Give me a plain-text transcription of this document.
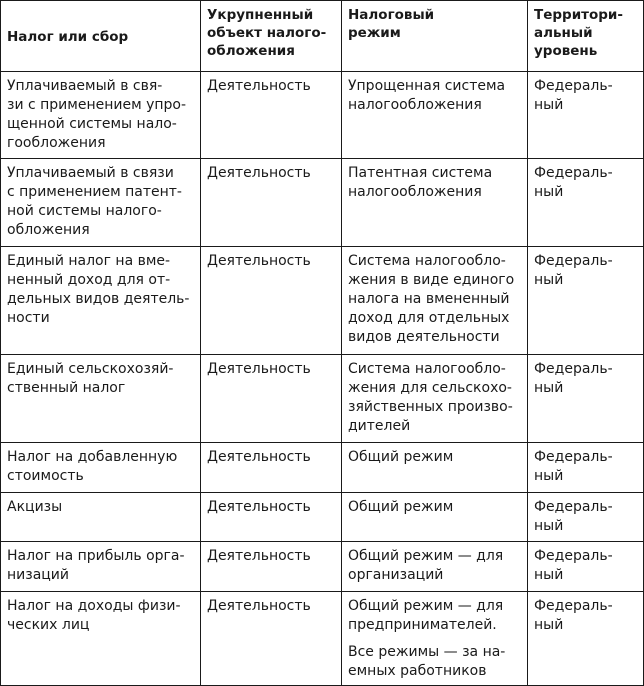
Налог или сбор	Укрупненный
объект налого-
обложения	Налоговый
режим	Территори-
альный
уровень

Уплачиваемый в свя-
зи с применением упро-
щенной системы нало-
гообложения	Деятельность	Упрощенная система
налогообложения	Федераль-
ный

Уплачиваемый в связи
с применением патент-
ной системы налого-
обложения	Деятельность	Патентная система
налогообложения	Федераль-
ный

Единый налог на вме-
ненный доход для от-
дельных видов деятель-
ности	Деятельность	Система налогообло-
жения в виде единого
налога на вмененный
доход для отдельных
видов деятельности	Федераль-
ный

Единый сельскохозяй-
ственный налог	Деятельность	Система налогообло-
жения для сельскохо-
зяйственных произво-
дителей	Федераль-
ный

Налог на добавленную
стоимость	Деятельность	Общий режим	Федераль-
ный

Акцизы	Деятельность	Общий режим	Федераль-
ный

Налог на прибыль орга-
низаций	Деятельность	Общий режим — для
организаций	Федераль-
ный

Налог на доходы физи-
ческих лиц	Деятельность	Общий режим — для
предпринимателей.
Все режимы — за на-
емных работников	Федераль-
ный
